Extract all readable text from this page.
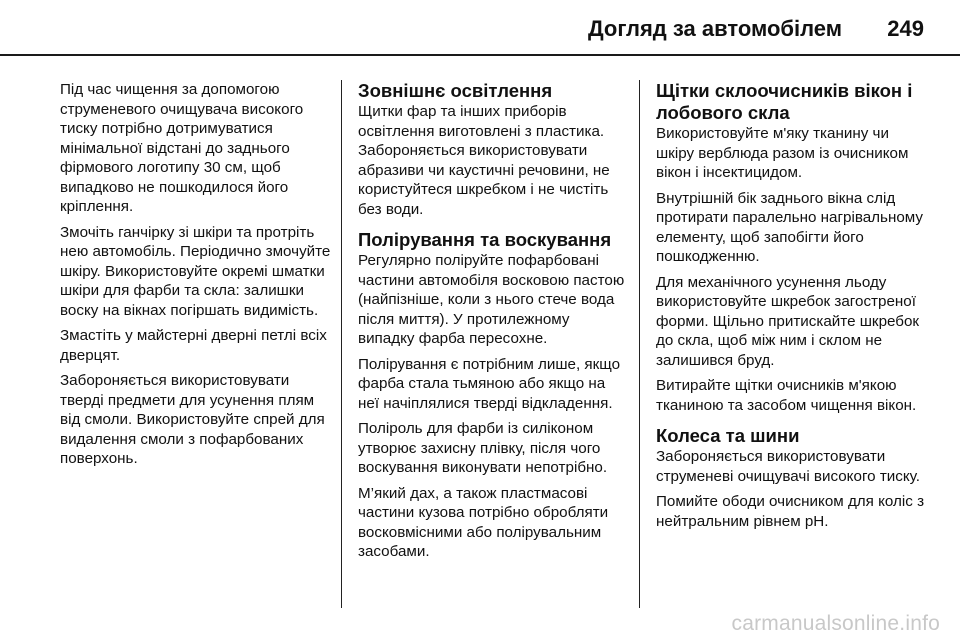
Догляд за автомобілем 249

Під час чищення за допомогою струменевого очищувача високого тиску потрібно дотримуватися мінімальної відстані до заднього фірмового логотипу 30 см, щоб випадково не пошкодилося його кріплення.

Змочіть ганчірку зі шкіри та протріть нею автомобіль. Періодично змочуйте шкіру. Використовуйте окремі шматки шкіри для фарби та скла: залишки воску на вікнах погіршать видимість.

Змастіть у майстерні дверні петлі всіх дверцят.

Забороняється використовувати тверді предмети для усунення плям від смоли. Використовуйте спрей для видалення смоли з пофарбованих поверхонь.

Зовнішнє освітлення

Щитки фар та інших приборів освітлення виготовлені з пластика. Забороняється використовувати абразиви чи каустичні речовини, не користуйтеся шкребком і не чистіть без води.

Полірування та воскування

Регулярно поліруйте пофарбовані частини автомобіля восковою пастою (найпізніше, коли з нього стече вода після миття). У протилежному випадку фарба пересохне.

Полірування є потрібним лише, якщо фарба стала тьмяною або якщо на неї начіплялися тверді відкладення.

Поліроль для фарби із силіконом утворює захисну плівку, після чого воскування виконувати непотрібно.

М’який дах, а також пластмасові частини кузова потрібно обробляти восковмісними або полірувальним засобами.

Щітки склоочисників вікон і лобового скла

Використовуйте м'яку тканину чи шкіру верблюда разом із очисником вікон і інсектицидом.

Внутрішній бік заднього вікна слід протирати паралельно нагрівальному елементу, щоб запобігти його пошкодженню.

Для механічного усунення льоду використовуйте шкребок загостреної форми. Щільно притискайте шкребок до скла, щоб між ним і склом не залишився бруд.

Витирайте щітки очисників м'якою тканиною та засобом чищення вікон.

Колеса та шини

Забороняється використовувати струменеві очищувачі високого тиску.

Помийте ободи очисником для коліс з нейтральним рівнем pH.

carmanualsonline.info
